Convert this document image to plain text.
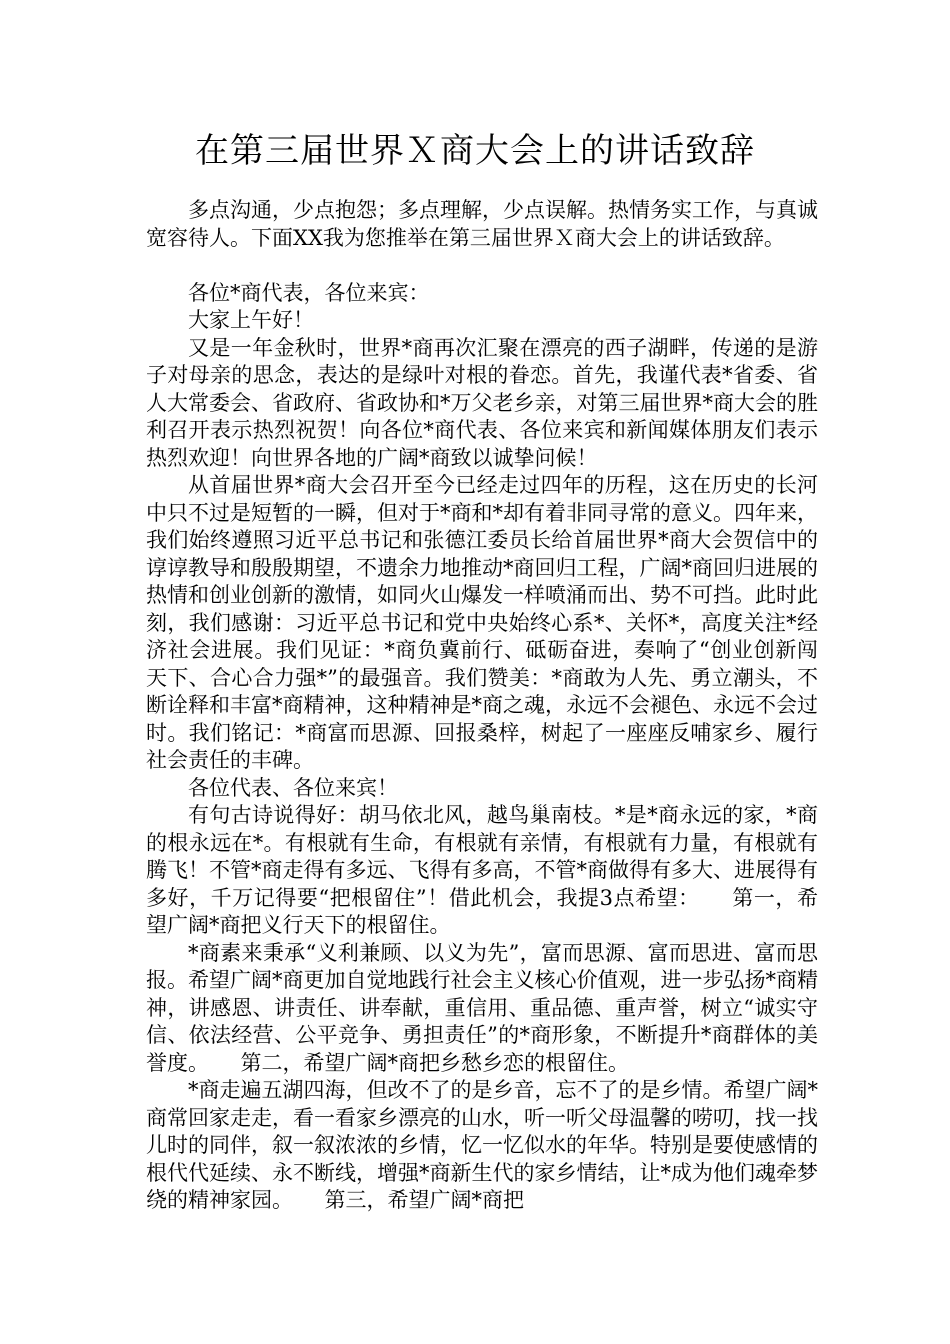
在第三届世界Ｘ商大会上的讲话致辞

多点沟通，少点抱怨；多点理解，少点误解。热情务实工作，与真诚宽容待人。下面XX我为您推举在第三届世界Ｘ商大会上的讲话致辞。

各位*商代表，各位来宾：

大家上午好！

又是一年金秋时，世界*商再次汇聚在漂亮的西子湖畔，传递的是游子对母亲的思念，表达的是绿叶对根的眷恋。首先，我谨代表*省委、省人大常委会、省政府、省政协和*万父老乡亲，对第三届世界*商大会的胜利召开表示热烈祝贺！向各位*商代表、各位来宾和新闻媒体朋友们表示热烈欢迎！向世界各地的广阔*商致以诚挚问候！

从首届世界*商大会召开至今已经走过四年的历程，这在历史的长河中只不过是短暂的一瞬，但对于*商和*却有着非同寻常的意义。四年来，我们始终遵照习近平总书记和张德江委员长给首届世界*商大会贺信中的谆谆教导和殷殷期望，不遗余力地推动*商回归工程，广阔*商回归进展的热情和创业创新的激情，如同火山爆发一样喷涌而出、势不可挡。此时此刻，我们感谢：习近平总书记和党中央始终心系*、关怀*，高度关注*经济社会进展。我们见证：*商负冀前行、砥砺奋进，奏响了“创业创新闯天下、合心合力强*”的最强音。我们赞美：*商敢为人先、勇立潮头，不断诠释和丰富*商精神，这种精神是*商之魂，永远不会褪色、永远不会过时。我们铭记：*商富而思源、回报桑梓，树起了一座座反哺家乡、履行社会责任的丰碑。

各位代表、各位来宾！

有句古诗说得好：胡马依北风，越鸟巢南枝。*是*商永远的家，*商的根永远在*。有根就有生命，有根就有亲情，有根就有力量，有根就有腾飞！不管*商走得有多远、飞得有多高，不管*商做得有多大、进展得有多好，千万记得要“把根留住”！借此机会，我提3点希望：　　第一，希望广阔*商把义行天下的根留住。

*商素来秉承“义利兼顾、以义为先”，富而思源、富而思进、富而思报。希望广阔*商更加自觉地践行社会主义核心价值观，进一步弘扬*商精神，讲感恩、讲责任、讲奉献，重信用、重品德、重声誉，树立“诚实守信、依法经营、公平竞争、勇担责任”的*商形象，不断提升*商群体的美誉度。　　第二，希望广阔*商把乡愁乡恋的根留住。

*商走遍五湖四海，但改不了的是乡音，忘不了的是乡情。希望广阔*商常回家走走，看一看家乡漂亮的山水，听一听父母温馨的唠叨，找一找儿时的同伴，叙一叙浓浓的乡情，忆一忆似水的年华。特别是要使感情的根代代延续、永不断线，增强*商新生代的家乡情结，让*成为他们魂牵梦绕的精神家园。　　第三，希望广阔*商把
